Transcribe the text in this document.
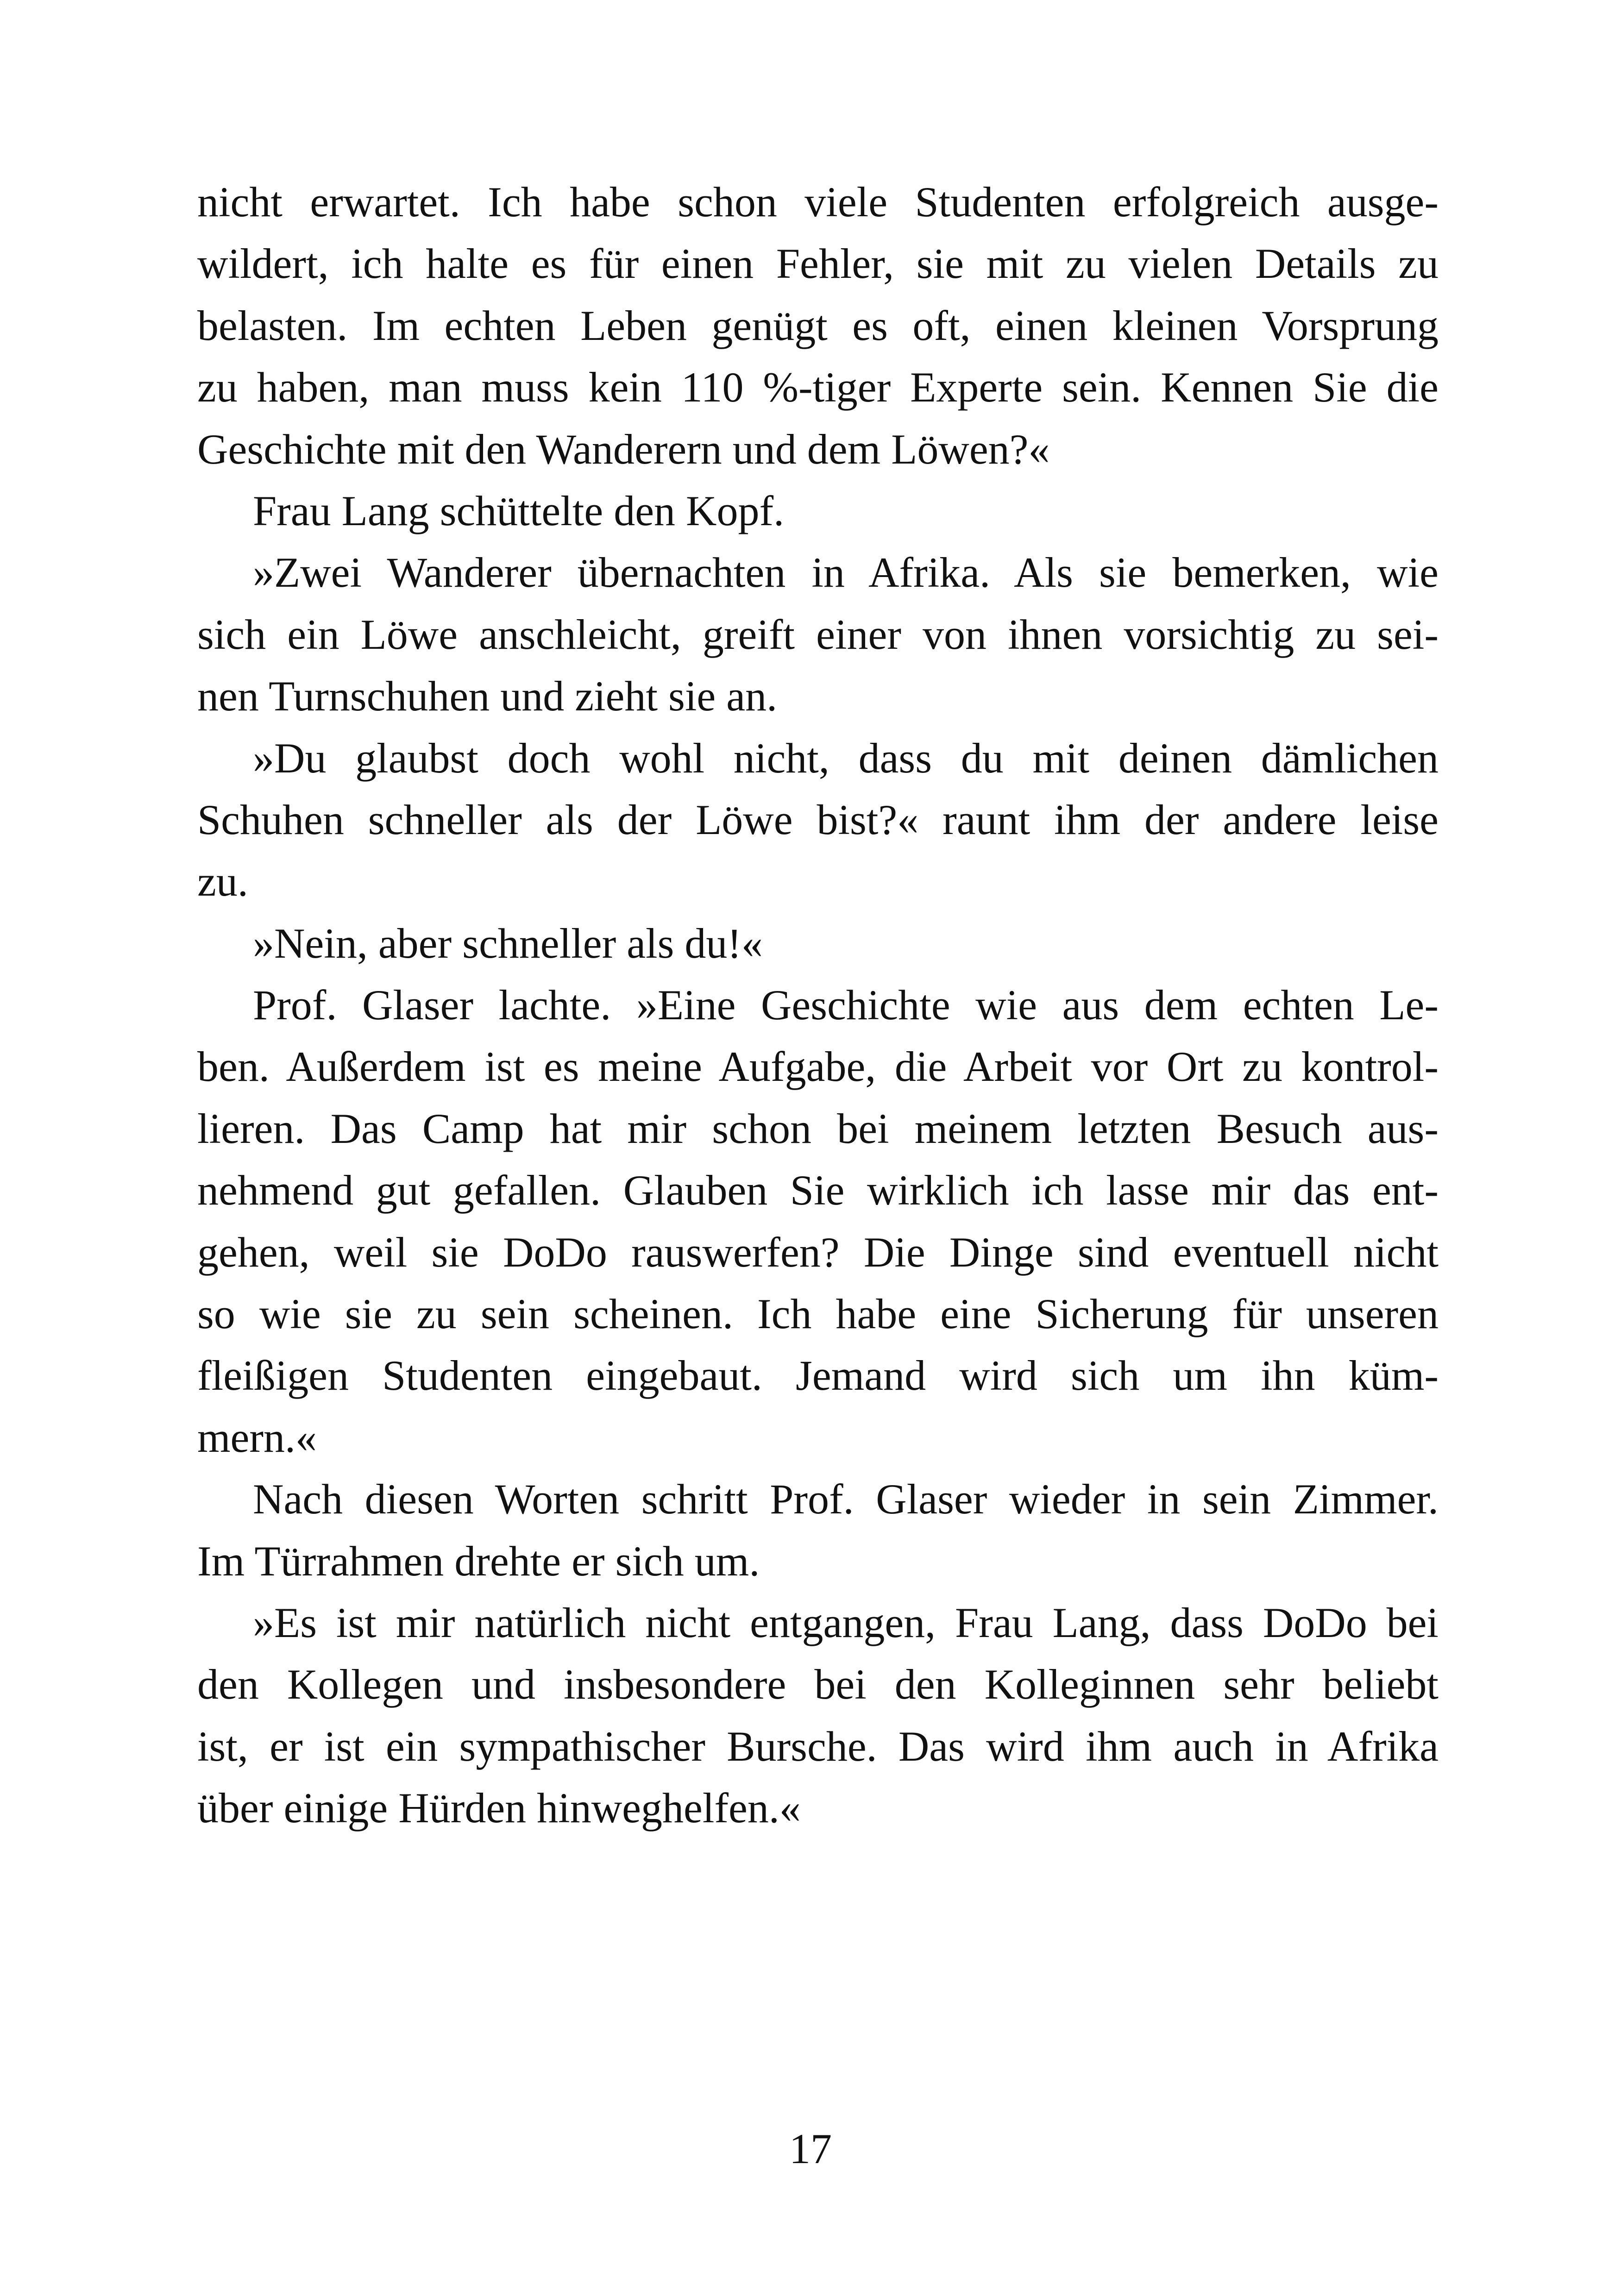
nicht erwartet. Ich habe schon viele Studenten erfolgreich ausge-
wildert, ich halte es für einen Fehler, sie mit zu vielen Details zu
belasten. Im echten Leben genügt es oft, einen kleinen Vorsprung
zu haben, man muss kein 110 %-tiger Experte sein. Kennen Sie die
Geschichte mit den Wanderern und dem Löwen?«
Frau Lang schüttelte den Kopf.
»Zwei Wanderer übernachten in Afrika. Als sie bemerken, wie
sich ein Löwe anschleicht, greift einer von ihnen vorsichtig zu sei-
nen Turnschuhen und zieht sie an.
»Du glaubst doch wohl nicht, dass du mit deinen dämlichen
Schuhen schneller als der Löwe bist?« raunt ihm der andere leise
zu.
»Nein, aber schneller als du!«
Prof. Glaser lachte. »Eine Geschichte wie aus dem echten Le-
ben. Außerdem ist es meine Aufgabe, die Arbeit vor Ort zu kontrol-
lieren. Das Camp hat mir schon bei meinem letzten Besuch aus-
nehmend gut gefallen. Glauben Sie wirklich ich lasse mir das ent-
gehen, weil sie DoDo rauswerfen? Die Dinge sind eventuell nicht
so wie sie zu sein scheinen. Ich habe eine Sicherung für unseren
fleißigen Studenten eingebaut. Jemand wird sich um ihn küm-
mern.«
Nach diesen Worten schritt Prof. Glaser wieder in sein Zimmer.
Im Türrahmen drehte er sich um.
»Es ist mir natürlich nicht entgangen, Frau Lang, dass DoDo bei
den Kollegen und insbesondere bei den Kolleginnen sehr beliebt
ist, er ist ein sympathischer Bursche. Das wird ihm auch in Afrika
über einige Hürden hinweghelfen.«
17
